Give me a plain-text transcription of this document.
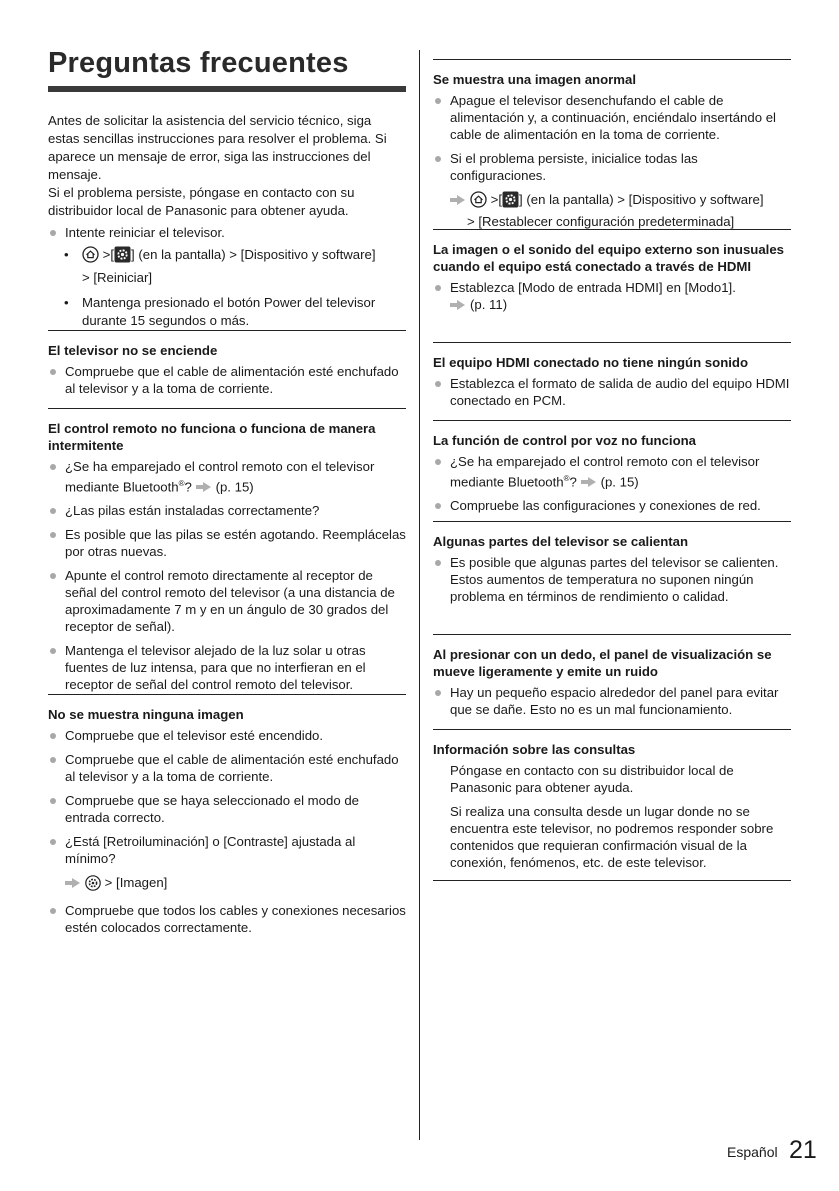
Preguntas frecuentes

Antes de solicitar la asistencia del servicio técnico, siga estas sencillas instrucciones para resolver el problema. Si aparece un mensaje de error, siga las instrucciones del mensaje.

Si el problema persiste, póngase en contacto con su distribuidor local de Panasonic para obtener ayuda.

Intente reiniciar el televisor.
• >[ ] (en la pantalla) > [Dispositivo y software]
> [Reiniciar]
• Mantenga presionado el botón Power del televisor durante 15 segundos o más.
El televisor no se enciende
Compruebe que el cable de alimentación esté enchufado al televisor y a la toma de corriente.
El control remoto no funciona o funciona de manera intermitente
¿Se ha emparejado el control remoto con el televisor mediante Bluetooth®? (p. 15)
¿Las pilas están instaladas correctamente?
Es posible que las pilas se estén agotando. Reemplácelas por otras nuevas.
Apunte el control remoto directamente al receptor de señal del control remoto del televisor (a una distancia de aproximadamente 7 m y en un ángulo de 30 grados del receptor de señal).
Mantenga el televisor alejado de la luz solar u otras fuentes de luz intensa, para que no interfieran en el receptor de señal del control remoto del televisor.
No se muestra ninguna imagen
Compruebe que el televisor esté encendido.
Compruebe que el cable de alimentación esté enchufado al televisor y a la toma de corriente.
Compruebe que se haya seleccionado el modo de entrada correcto.
¿Está [Retroiluminación] o [Contraste] ajustada al mínimo?
> [Imagen]
Compruebe que todos los cables y conexiones necesarios estén colocados correctamente.
Se muestra una imagen anormal
Apague el televisor desenchufando el cable de alimentación y, a continuación, enciéndalo insertándo el cable de alimentación en la toma de corriente.
Si el problema persiste, inicialice todas las configuraciones.
>[ ] (en la pantalla) > [Dispositivo y software]
> [Restablecer configuración predeterminada]
La imagen o el sonido del equipo externo son inusuales cuando el equipo está conectado a través de HDMI
Establezca [Modo de entrada HDMI] en [Modo1].
(p. 11)
El equipo HDMI conectado no tiene ningún sonido
Establezca el formato de salida de audio del equipo HDMI conectado en PCM.
La función de control por voz no funciona
¿Se ha emparejado el control remoto con el televisor mediante Bluetooth®? (p. 15)
Compruebe las configuraciones y conexiones de red.
Algunas partes del televisor se calientan
Es posible que algunas partes del televisor se calienten. Estos aumentos de temperatura no suponen ningún problema en términos de rendimiento o calidad.
Al presionar con un dedo, el panel de visualización se mueve ligeramente y emite un ruido
Hay un pequeño espacio alrededor del panel para evitar que se dañe. Esto no es un mal funcionamiento.
Información sobre las consultas

Póngase en contacto con su distribuidor local de Panasonic para obtener ayuda.

Si realiza una consulta desde un lugar donde no se encuentra este televisor, no podremos responder sobre contenidos que requieran confirmación visual de la conexión, fenómenos, etc. de este televisor.

Español 21
